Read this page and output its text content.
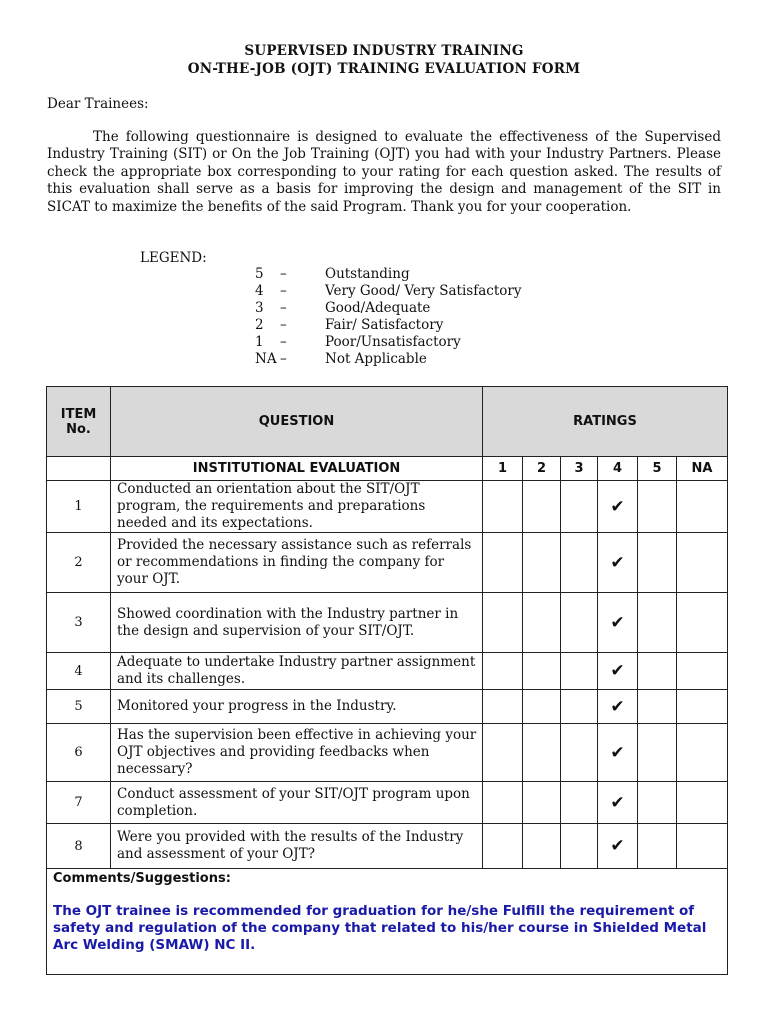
SUPERVISED INDUSTRY TRAINING
ON-THE-JOB (OJT) TRAINING EVALUATION FORM
Dear Trainees:

The following questionnaire is designed to evaluate the effectiveness of the Supervised Industry Training (SIT) or On the Job Training (OJT) you had with your Industry Partners. Please check the appropriate box corresponding to your rating for each question asked. The results of this evaluation shall serve as a basis for improving the design and management of the SIT in SICAT to maximize the benefits of the said Program. Thank you for your cooperation.

LEGEND:
5	–	Outstanding
4	–	Very Good/ Very Satisfactory
3	–	Good/Adequate
2	–	Fair/ Satisfactory
1	–	Poor/Unsatisfactory
NA –	Not Applicable
ITEM No.	QUESTION	RATINGS					
	INSTITUTIONAL EVALUATION	1	2	3	4	5	NA
1	Conducted an orientation about the SIT/OJT program, the requirements and preparations needed and its expectations.				✔		
2	Provided the necessary assistance such as referrals or recommendations in finding the company for your OJT.				✔		
3	Showed coordination with the Industry partner in the design and supervision of your SIT/OJT.				✔		
4	Adequate to undertake Industry partner assignment and its challenges.				✔		
5	Monitored your progress in the Industry.				✔		
6	Has the supervision been effective in achieving your OJT objectives and providing feedbacks when necessary?				✔		
7	Conduct assessment of your SIT/OJT program upon completion.				✔		
8	Were you provided with the results of the Industry and assessment of your OJT?				✔		

Comments/Suggestions:
The OJT trainee is recommended for graduation for he/she Fulfill the requirement of safety and regulation of the company that related to his/her course in Shielded Metal Arc Welding (SMAW) NC II.							
